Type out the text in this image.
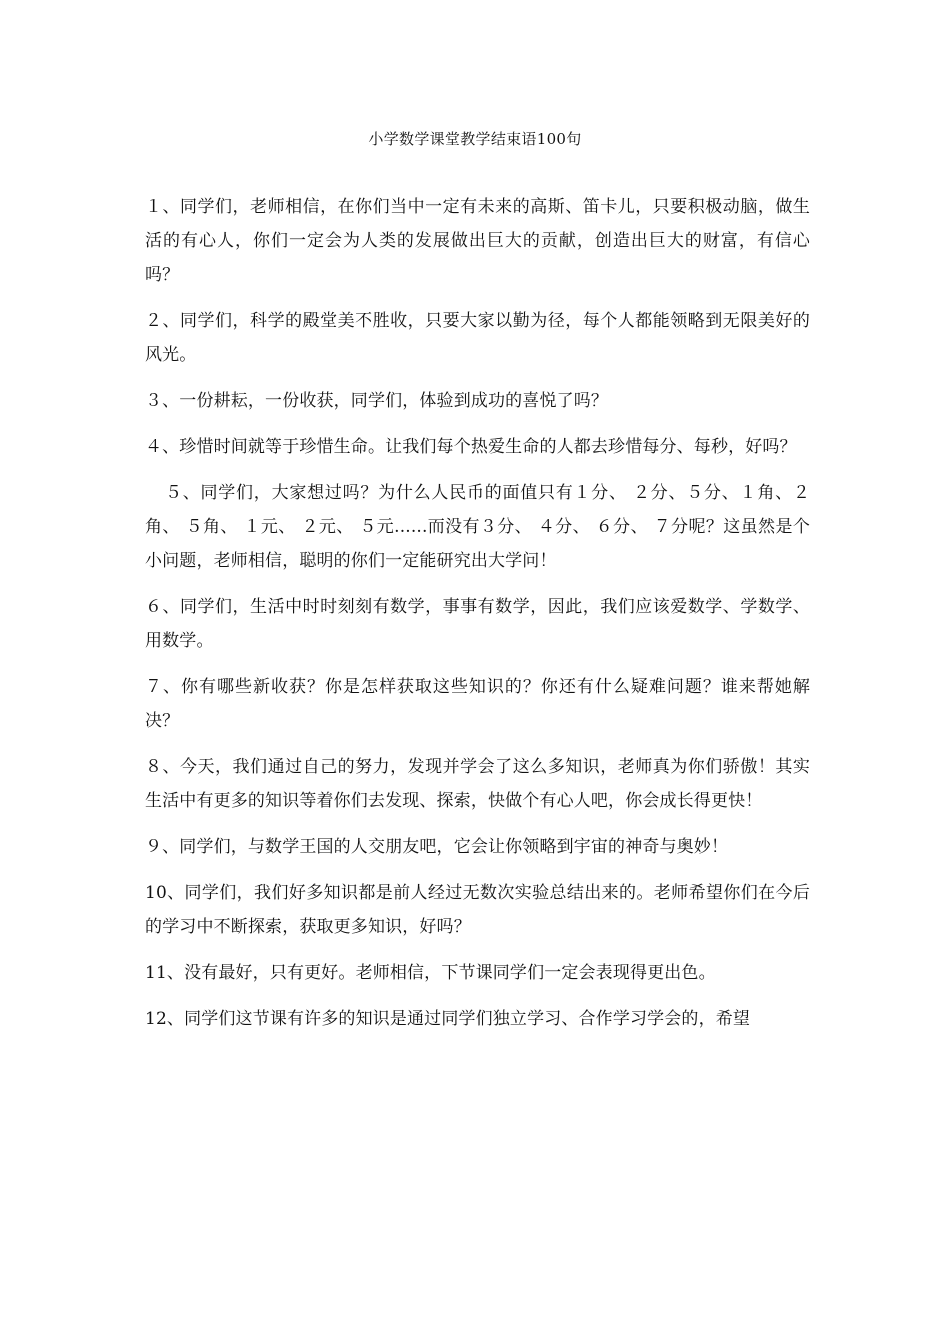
小学数学课堂教学结束语100句

１、同学们，老师相信，在你们当中一定有未来的高斯、笛卡儿，只要积极动脑，做生活的有心人，你们一定会为人类的发展做出巨大的贡献，创造出巨大的财富，有信心吗？

２、同学们，科学的殿堂美不胜收，只要大家以勤为径，每个人都能领略到无限美好的风光。

３、一份耕耘，一份收获，同学们，体验到成功的喜悦了吗？

４、珍惜时间就等于珍惜生命。让我们每个热爱生命的人都去珍惜每分、每秒，好吗？

５、同学们，大家想过吗？为什么人民币的面值只有１分、 ２分、５分、１角、２角、 ５角、 １元、 ２元、 ５元......而没有３分、 ４分、 ６分、 ７分呢？这虽然是个小问题，老师相信，聪明的你们一定能研究出大学问！

６、同学们，生活中时时刻刻有数学，事事有数学，因此，我们应该爱数学、学数学、用数学。

７、你有哪些新收获？你是怎样获取这些知识的？你还有什么疑难问题？谁来帮她解决？

８、今天，我们通过自己的努力，发现并学会了这么多知识，老师真为你们骄傲！其实生活中有更多的知识等着你们去发现、探索，快做个有心人吧，你会成长得更快！

９、同学们，与数学王国的人交朋友吧，它会让你领略到宇宙的神奇与奥妙！

10、同学们，我们好多知识都是前人经过无数次实验总结出来的。老师希望你们在今后的学习中不断探索，获取更多知识，好吗？

11、没有最好，只有更好。老师相信，下节课同学们一定会表现得更出色。

12、同学们这节课有许多的知识是通过同学们独立学习、合作学习学会的，希望
